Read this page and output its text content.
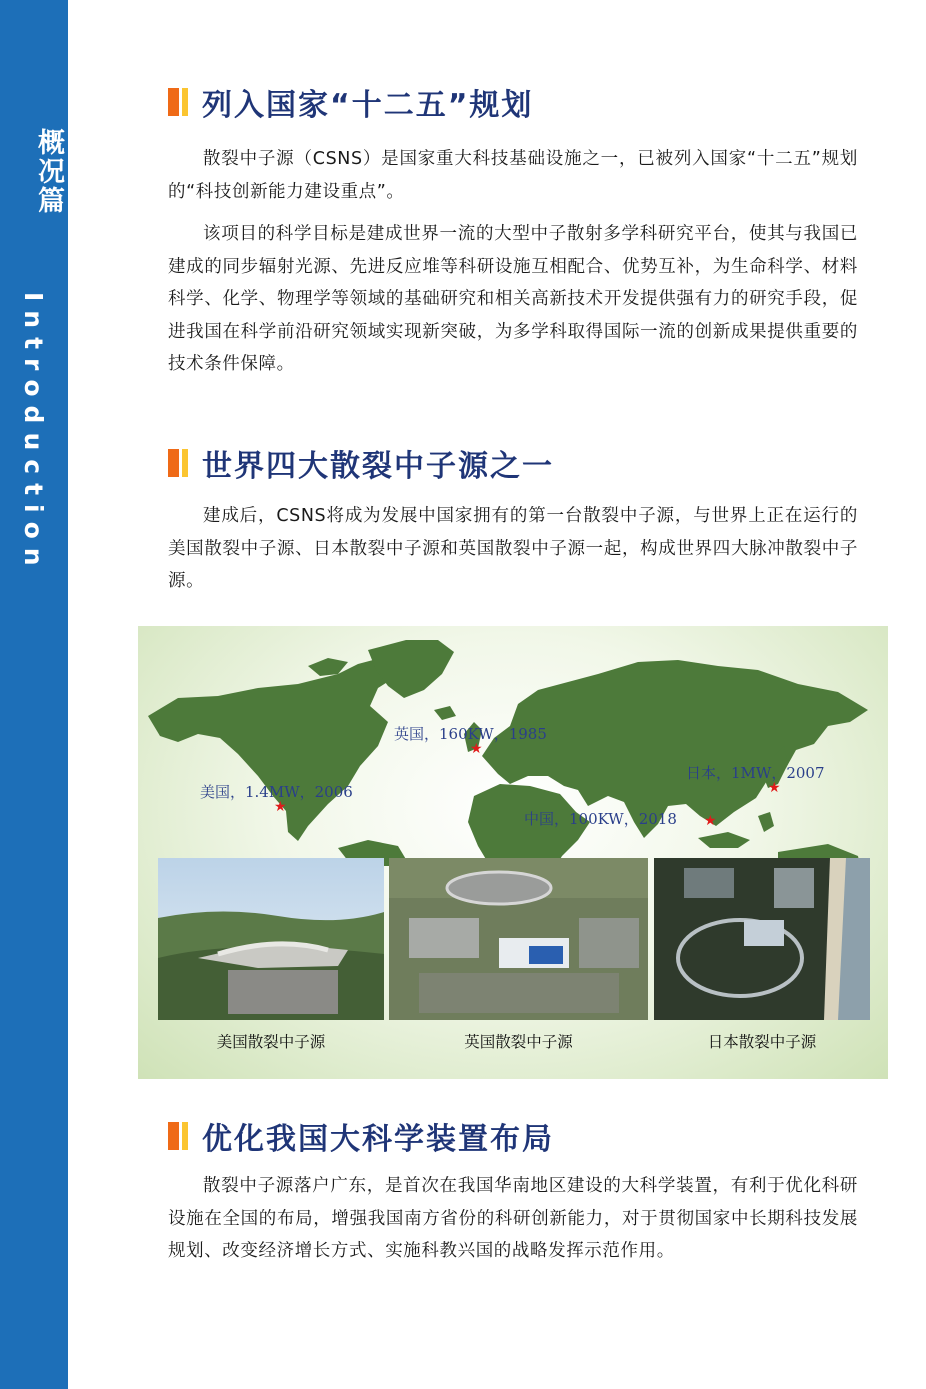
概况篇
Introduction
列入国家“十二五”规划

散裂中子源（CSNS）是国家重大科技基础设施之一，已被列入国家“十二五”规划的“科技创新能力建设重点”。

该项目的科学目标是建成世界一流的大型中子散射多学科研究平台，使其与我国已建成的同步辐射光源、先进反应堆等科研设施互相配合、优势互补，为生命科学、材料科学、化学、物理学等领域的基础研究和相关高新技术开发提供强有力的研究手段，促进我国在科学前沿研究领域实现新突破，为多学科取得国际一流的创新成果提供重要的技术条件保障。

世界四大散裂中子源之一

建成后，CSNS将成为发展中国家拥有的第一台散裂中子源，与世界上正在运行的美国散裂中子源、日本散裂中子源和英国散裂中子源一起，构成世界四大脉冲散裂中子源。

英国，160KW，1985
★
美国，1.4MW，2006
★
日本，1MW，2007
★
中国，100KW，2018 ★
美国散裂中子源	英国散裂中子源	日本散裂中子源
优化我国大科学装置布局

散裂中子源落户广东，是首次在我国华南地区建设的大科学装置，有利于优化科研设施在全国的布局，增强我国南方省份的科研创新能力，对于贯彻国家中长期科技发展规划、改变经济增长方式、实施科教兴国的战略发挥示范作用。
